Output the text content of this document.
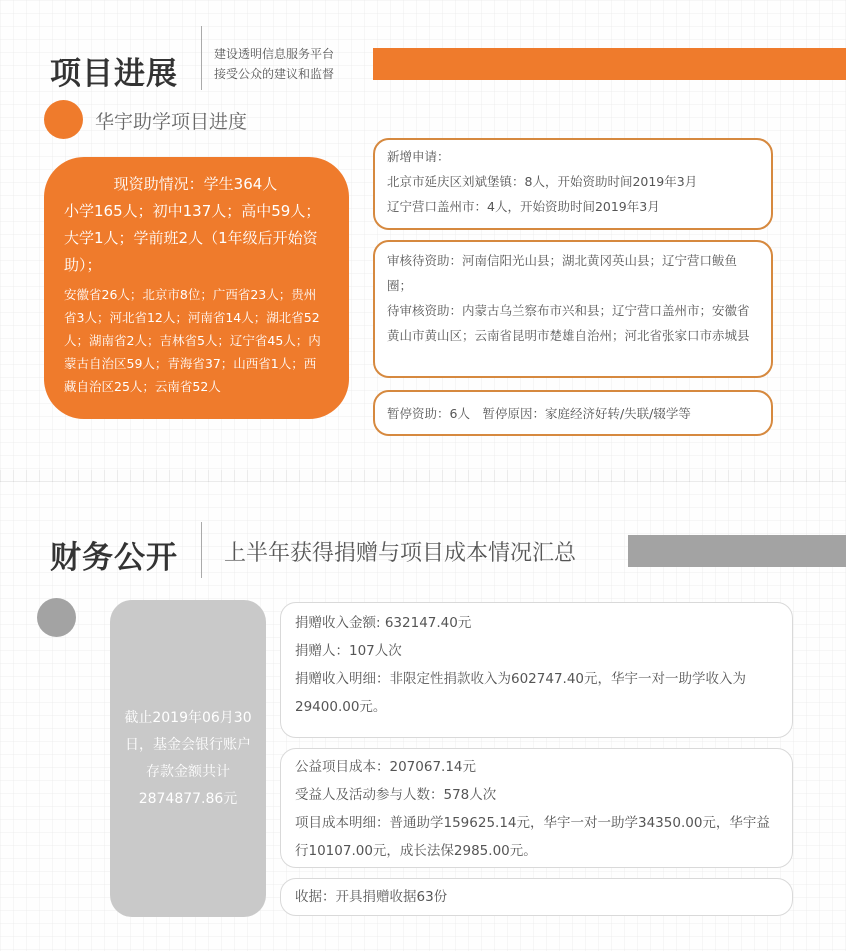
项目进展
建设透明信息服务平台
接受公众的建议和监督
华宇助学项目进度
现资助情况：学生364人
小学165人；初中137人；高中59人；大学1人；学前班2人（1年级后开始资助）；
安徽省26人；北京市8位；广西省23人；贵州省3人；河北省12人；河南省14人；湖北省52人；湖南省2人；吉林省5人；辽宁省45人；内蒙古自治区59人；青海省37；山西省1人；西藏自治区25人；云南省52人
新增申请：
北京市延庆区刘斌堡镇：8人，开始资助时间2019年3月
辽宁营口盖州市：4人，开始资助时间2019年3月
审核待资助：河南信阳光山县；湖北黄冈英山县；辽宁营口鲅鱼圈；
待审核资助：内蒙古乌兰察布市兴和县；辽宁营口盖州市；安徽省黄山市黄山区；云南省昆明市楚雄自治州；河北省张家口市赤城县
暂停资助：6人　暂停原因：家庭经济好转/失联/辍学等
财务公开 上半年获得捐赠与项目成本情况汇总
截止2019年06月30日，基金会银行账户存款金额共计2874877.86元
捐赠收入金额: 632147.40元
捐赠人：107人次
捐赠收入明细：非限定性捐款收入为602747.40元，华宇一对一助学收入为29400.00元。
公益项目成本：207067.14元
受益人及活动参与人数：578人次
项目成本明细：普通助学159625.14元，华宇一对一助学34350.00元，华宇益行10107.00元，成长法保2985.00元。
收据：开具捐赠收据63份
